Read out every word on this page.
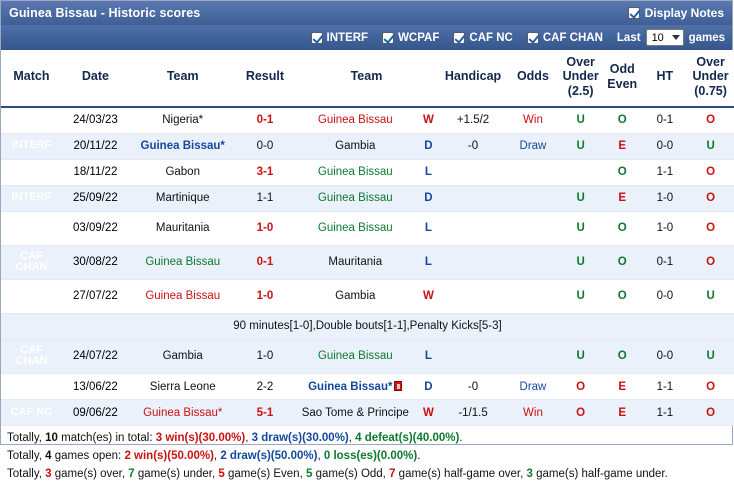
Guinea Bissau - Historic scores	Display Notes
INTERF	WCPAF	CAF NC	CAF CHAN Last 10 games
Match	Date	Team	Result	Team		Handicap	Odds	Over
Under
(2.5)	Odd
Even	HT	Over
Under
(0.75)
CAF NC	24/03/23	Nigeria*	0-1	Guinea Bissau	W	+1.5/2	Win	U	O	0-1	O
INTERF	20/11/22	Guinea Bissau*	0-0	Gambia	D	-0	Draw	U	E	0-0	U
INTERF	18/11/22	Gabon	3-1	Guinea Bissau	L				O	1-1	O
INTERF	25/09/22	Martinique	1-1	Guinea Bissau	D			U	E	1-0	O
CAF
CHAN	03/09/22	Mauritania	1-0	Guinea Bissau	L			U	O	1-0	O
CAF
CHAN	30/08/22	Guinea Bissau	0-1	Mauritania	L			U	O	0-1	O
CAF
CHAN	27/07/22	Guinea Bissau	1-0	Gambia	W			U	O	0-0	U
90 minutes[1-0],Double bouts[1-1],Penalty Kicks[5-3]											
CAF
CHAN	24/07/22	Gambia	1-0	Guinea Bissau	L			U	O	0-0	U
CAF NC	13/06/22	Sierra Leone	2-2	Guinea Bissau*	D	-0	Draw	O	E	1-1	O
CAF NC	09/06/22	Guinea Bissau*	5-1	Sao Tome & Principe	W	-1/1.5	Win	O	E	1-1	O
Totally, 10 match(es) in total: 3 win(s)(30.00%), 3 draw(s)(30.00%), 4 defeat(s)(40.00%).
Totally, 4 games open: 2 win(s)(50.00%), 2 draw(s)(50.00%), 0 loss(es)(0.00%).
Totally, 3 game(s) over, 7 game(s) under, 5 game(s) Even, 5 game(s) Odd, 7 game(s) half-game over, 3 game(s) half-game under.
